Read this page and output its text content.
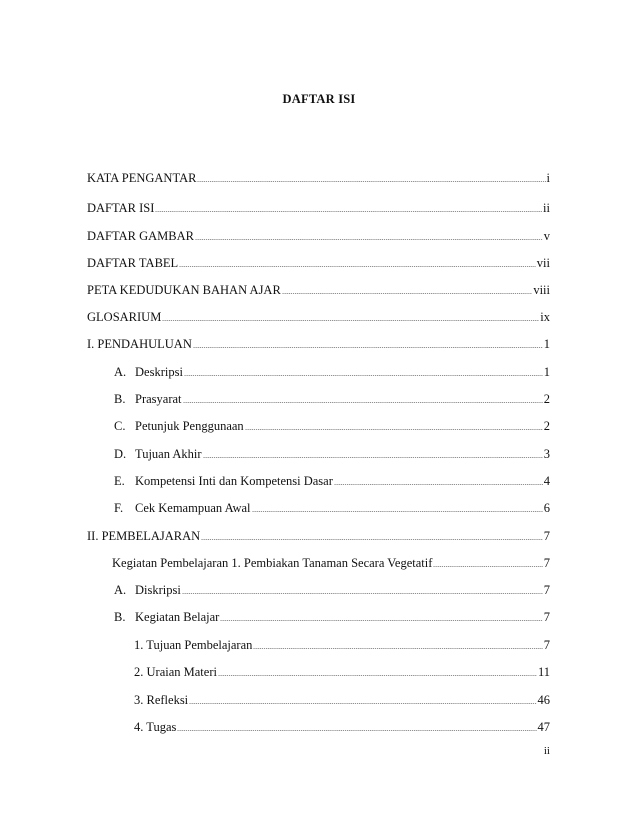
DAFTAR ISI
KATA PENGANTAR	i
DAFTAR ISI	ii
DAFTAR GAMBAR	v
DAFTAR TABEL	vii
PETA KEDUDUKAN BAHAN AJAR	viii
GLOSARIUM	ix
I. PENDAHULUAN	1
A. Deskripsi	1
B. Prasyarat	2
C. Petunjuk Penggunaan	2
D. Tujuan Akhir	3
E. Kompetensi Inti dan Kompetensi Dasar	4
F. Cek Kemampuan Awal	6
II. PEMBELAJARAN	7
Kegiatan Pembelajaran 1. Pembiakan Tanaman Secara Vegetatif	7
A. Diskripsi	7
B. Kegiatan Belajar	7
1. Tujuan Pembelajaran	7
2. Uraian Materi	11
3. Refleksi	46
4. Tugas	47
ii
